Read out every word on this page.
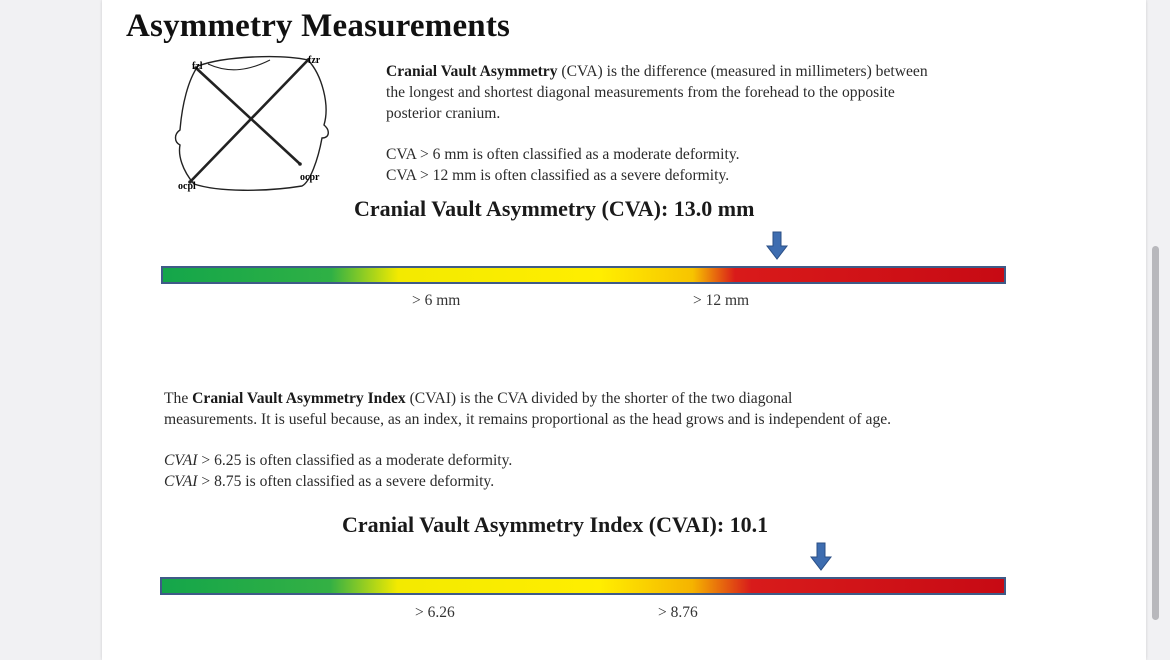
Asymmetry Measurements
fzl
fzr
ocpl
ocpr
Cranial Vault Asymmetry (CVA) is the difference (measured in millimeters) between
the longest and shortest diagonal measurements from the forehead to the opposite
posterior cranium.
CVA > 6 mm is often classified as a moderate deformity.
CVA > 12 mm is often classified as a severe deformity.
Cranial Vault Asymmetry (CVA): 13.0 mm
> 6 mm	> 12 mm
The Cranial Vault Asymmetry Index (CVAI) is the CVA divided by the shorter of the two diagonal
measurements. It is useful because, as an index, it remains proportional as the head grows and is independent of age.
CVAI > 6.25 is often classified as a moderate deformity.
CVAI > 8.75 is often classified as a severe deformity.
Cranial Vault Asymmetry Index (CVAI): 10.1
> 6.26	> 8.76
